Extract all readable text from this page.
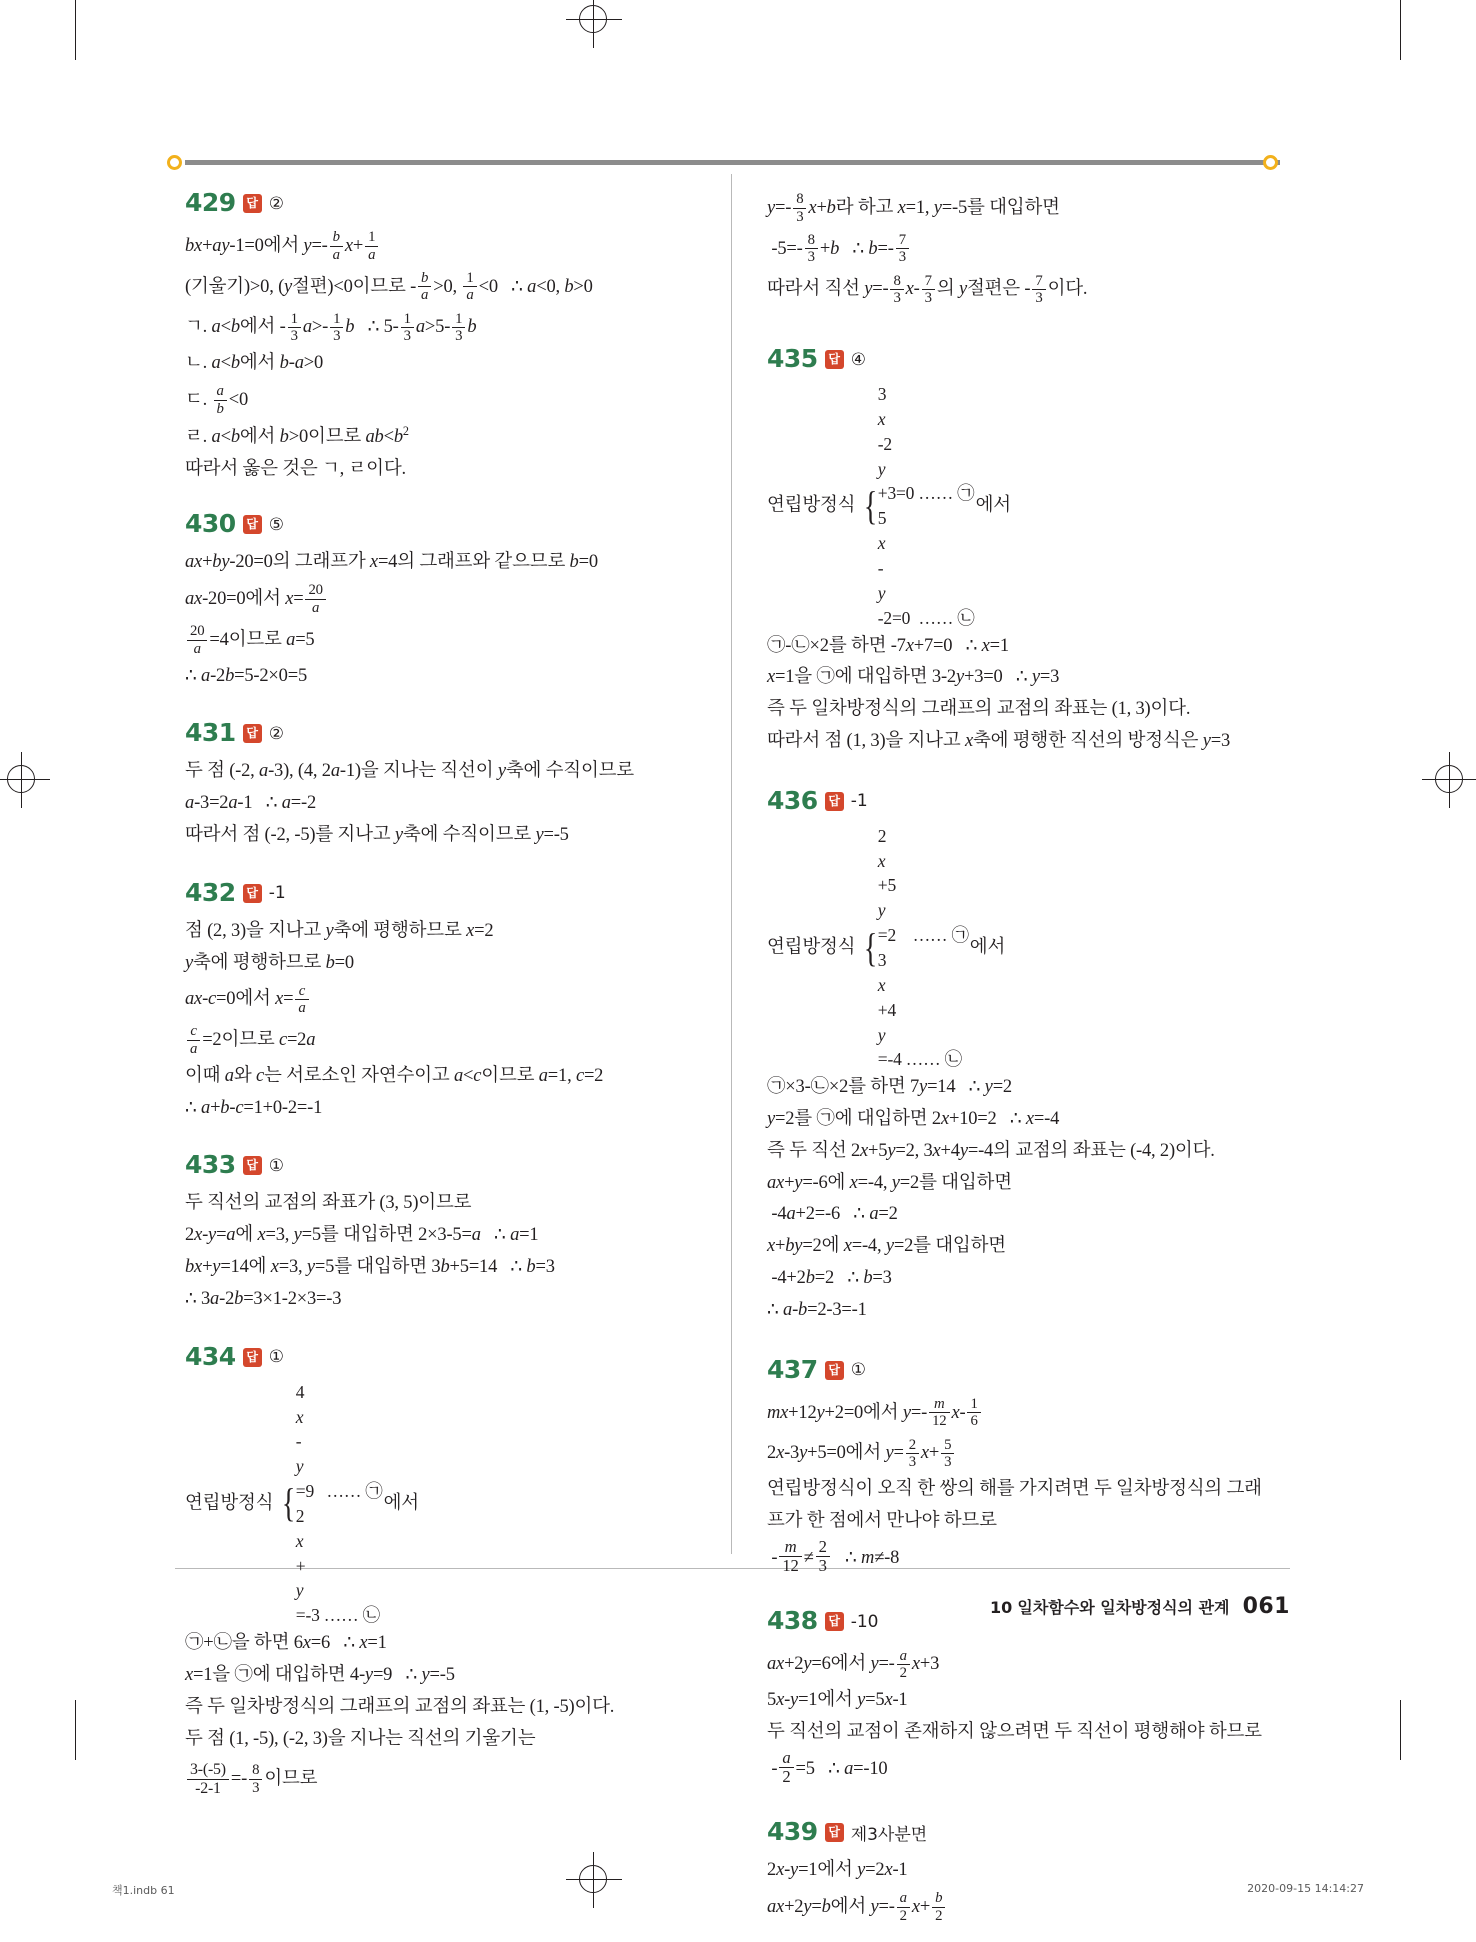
429 답 ②

bx+ay-1=0에서 $y=- \frac{b}{a} x+ \frac{1}{a}$

(기울기)>0, (y절편)<0이므로 - $\frac{b}{a} >0$, $\frac{1}{a} <0$   ∴ a<0, b>0

ㄱ. a<b에서 - $\frac{1}{3} a>- \frac{1}{3}$ b   ∴ $5- \frac{1}{3} a>5- \frac{1}{3}$ b

ㄴ. a<b에서 b-a>0

ㄷ. $\frac{a}{b} <0$

ㄹ. a<b에서 b>0이므로 $ab<b^2$

따라서 옳은 것은 ㄱ, ㄹ이다.

430 답 ⑤

ax+by-20=0의 그래프가 x=4의 그래프와 같으므로 b=0

ax-20=0에서 $x= \frac{20}{a}$

$\frac{20}{a} =4$이므로 a=5

∴ a-2b=5-2×0=5

431 답 ②

두 점 (-2, a-3), (4, 2a-1)을 지나는 직선이 y축에 수직이므로

a-3=2a-1   ∴ a=-2

따라서 점 (-2, -5)를 지나고 y축에 수직이므로 y=-5

432 답 -1

점 (2, 3)을 지나고 y축에 평행하므로 x=2

y축에 평행하므로 b=0

ax-c=0에서 $x= \frac{c}{a}$

$\frac{c}{a} =2$이므로 c=2a

이때 a와 c는 서로소인 자연수이고 a<c이므로 a=1, c=2

∴ a+b-c=1+0-2=-1

433 답 ①

두 직선의 교점의 좌표가 (3, 5)이므로

2x-y=a에 x=3, y=5를 대입하면 2×3-5=a   ∴ a=1

bx+y=14에 x=3, y=5를 대입하면 3b+5=14   ∴ b=3

∴ 3a-2b=3×1-2×3=-3

434 답 ①

연립방정식 {
4
x
-
y
=9   …… ㉠
2
x
+
y
=-3 …… ㉡
에서

㉠+㉡을 하면 6x=6   ∴ x=1

x=1을 ㉠에 대입하면 4-y=9   ∴ y=-5

즉 두 일차방정식의 그래프의 교점의 좌표는 (1, -5)이다.

두 점 (1, -5), (-2, 3)을 지나는 직선의 기울기는

$\frac{3-(-5)}{-2-1} =- \frac{8}{3}$ 이므로

$y=- \frac{8}{3} x+b$라 하고 x=1, y=-5를 대입하면

$-5=- \frac{8}{3} +b$   ∴ $b=- \frac{7}{3}$

따라서 직선 $y=- \frac{8}{3} x- \frac{7}{3}$ 의 y절편은 - $\frac{7}{3}$ 이다.

435 답 ④

연립방정식 {
3
x
-2
y
+3=0 …… ㉠
5
x
-
y
-2=0  …… ㉡
에서

㉠-㉡×2를 하면 -7x+7=0   ∴ x=1

x=1을 ㉠에 대입하면 3-2y+3=0   ∴ y=3

즉 두 일차방정식의 그래프의 교점의 좌표는 (1, 3)이다.

따라서 점 (1, 3)을 지나고 x축에 평행한 직선의 방정식은 y=3

436 답 -1

연립방정식 {
2
x
+5
y
=2    …… ㉠
3
x
+4
y
=-4 …… ㉡
에서

㉠×3-㉡×2를 하면 7y=14   ∴ y=2

y=2를 ㉠에 대입하면 2x+10=2   ∴ x=-4

즉 두 직선 2x+5y=2, 3x+4y=-4의 교점의 좌표는 (-4, 2)이다.

ax+y=-6에 x=-4, y=2를 대입하면

-4a+2=-6   ∴ a=2

x+by=2에 x=-4, y=2를 대입하면

-4+2b=2   ∴ b=3

∴ a-b=2-3=-1

437 답 ①

mx+12y+2=0에서 $y=- \frac{m}{12} x- \frac{1}{6}$

2x-3y+5=0에서 $y= \frac{2}{3} x+ \frac{5}{3}$

연립방정식이 오직 한 쌍의 해를 가지려면 두 일차방정식의 그래프가 한 점에서 만나야 하므로

- $\frac{m}{12} \ne \frac{2}{3}$ ∴ m≠-8

438 답 -10

ax+2y=6에서 $y=- \frac{a}{2} x+3$

5x-y=1에서 y=5x-1

두 직선의 교점이 존재하지 않으려면 두 직선이 평행해야 하므로

- $\frac{a}{2} =5$   ∴ a=-10

439 답 제3사분면

2x-y=1에서 y=2x-1

ax+2y=b에서 $y=- \frac{a}{2} x+ \frac{b}{2}$

10 일차함수와 일차방정식의 관계 061
책1.indb 61	2020-09-15 14:14:27
